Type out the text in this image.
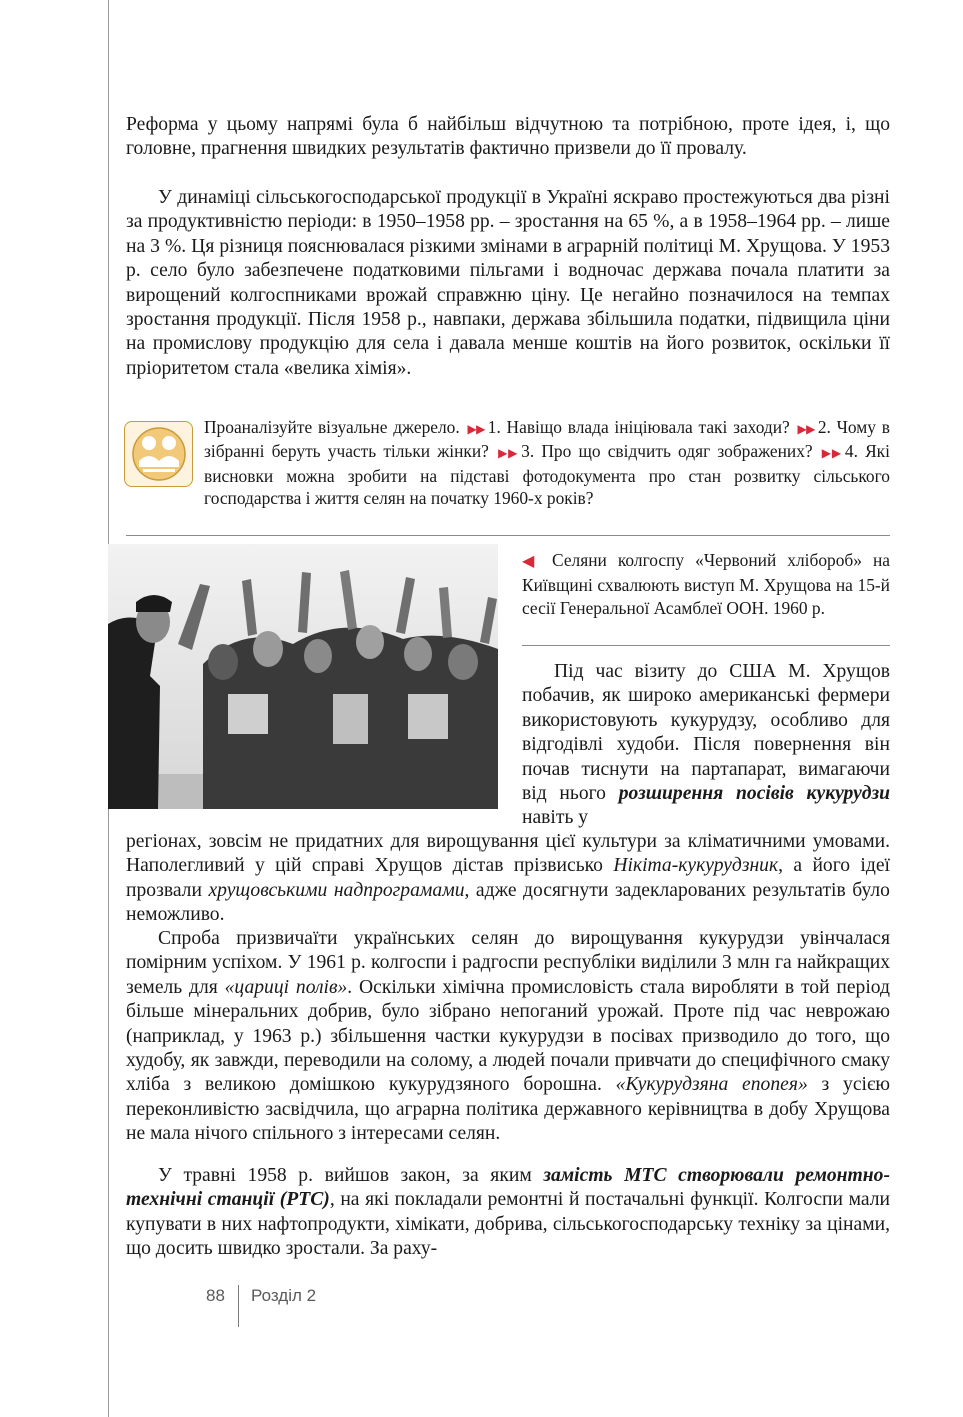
Реформа у цьому напрямі була б найбільш відчутною та потрібною, проте ідея, і, що головне, прагнення швидких результатів фактично призвели до її провалу.

У динаміці сільськогосподарської продукції в Україні яскраво простежуються два різні за продуктивністю періоди: в 1950–1958 рр. – зростання на 65 %, а в 1958–1964 рр. – лише на 3 %. Ця різниця пояснювалася різкими змінами в аграрній політиці М. Хрущова. У 1953 р. село було забезпечене податковими пільгами і водночас держава почала платити за вирощений колгоспниками врожай справжню ціну. Це негайно позначилося на темпах зростання продукції. Після 1958 р., навпаки, держава збільшила податки, підвищила ціни на промислову продукцію для села і давала менше коштів на його розвиток, оскільки її пріоритетом стала «велика хімія».

Проаналізуйте візуальне джерело. ▶▶ 1. Навіщо влада ініціювала такі заходи? ▶▶ 2. Чому в зібранні беруть участь тільки жінки? ▶▶ 3. Про що свідчить одяг зображених? ▶▶ 4. Які висновки можна зробити на підставі фотодокумента про стан розвитку сільського господарства і життя селян на початку 1960-х років?

◀ Селяни колгоспу «Червоний хлібороб» на Київщині схвалюють виступ М. Хрущова на 15-й сесії Генеральної Асамблеї ООН. 1960 р.

Під час візиту до США М. Хрущов побачив, як широко американські фермери використовують кукурудзу, особливо для відгодівлі худоби. Після повернення він почав тиснути на партапарат, вимагаючи від нього розширення посівів кукурудзи навіть у

регіонах, зовсім не придатних для вирощування цієї культури за кліматичними умовами. Наполегливий у цій справі Хрущов дістав прізвисько Нікіта-кукурудзник, а його ідеї прозвали хрущовськими надпрограмами, адже досягнути задекларованих результатів було неможливо.

Спроба призвичаїти українських селян до вирощування кукурудзи увінчалася помірним успіхом. У 1961 р. колгоспи і радгоспи республіки виділили 3 млн га найкращих земель для «цариці полів». Оскільки хімічна промисловість стала виробляти в той період більше мінеральних добрив, було зібрано непоганий урожай. Проте під час неврожаю (наприклад, у 1963 р.) збільшення частки кукурудзи в посівах призводило до того, що худобу, як завжди, переводили на солому, а людей почали привчати до специфічного смаку хліба з великою домішкою кукурудзяного борошна. «Кукурудзяна епопея» з усією переконливістю засвідчила, що аграрна політика державного керівництва в добу Хрущова не мала нічого спільного з інтересами селян.

У травні 1958 р. вийшов закон, за яким замість МТС створювали ремонтно-технічні станції (РТС), на які покладали ремонтні й постачальні функції. Колгоспи мали купувати в них нафтопродукти, хімікати, добрива, сільськогосподарську техніку за цінами, що досить швидко зростали. За раху-

88 Розділ 2
